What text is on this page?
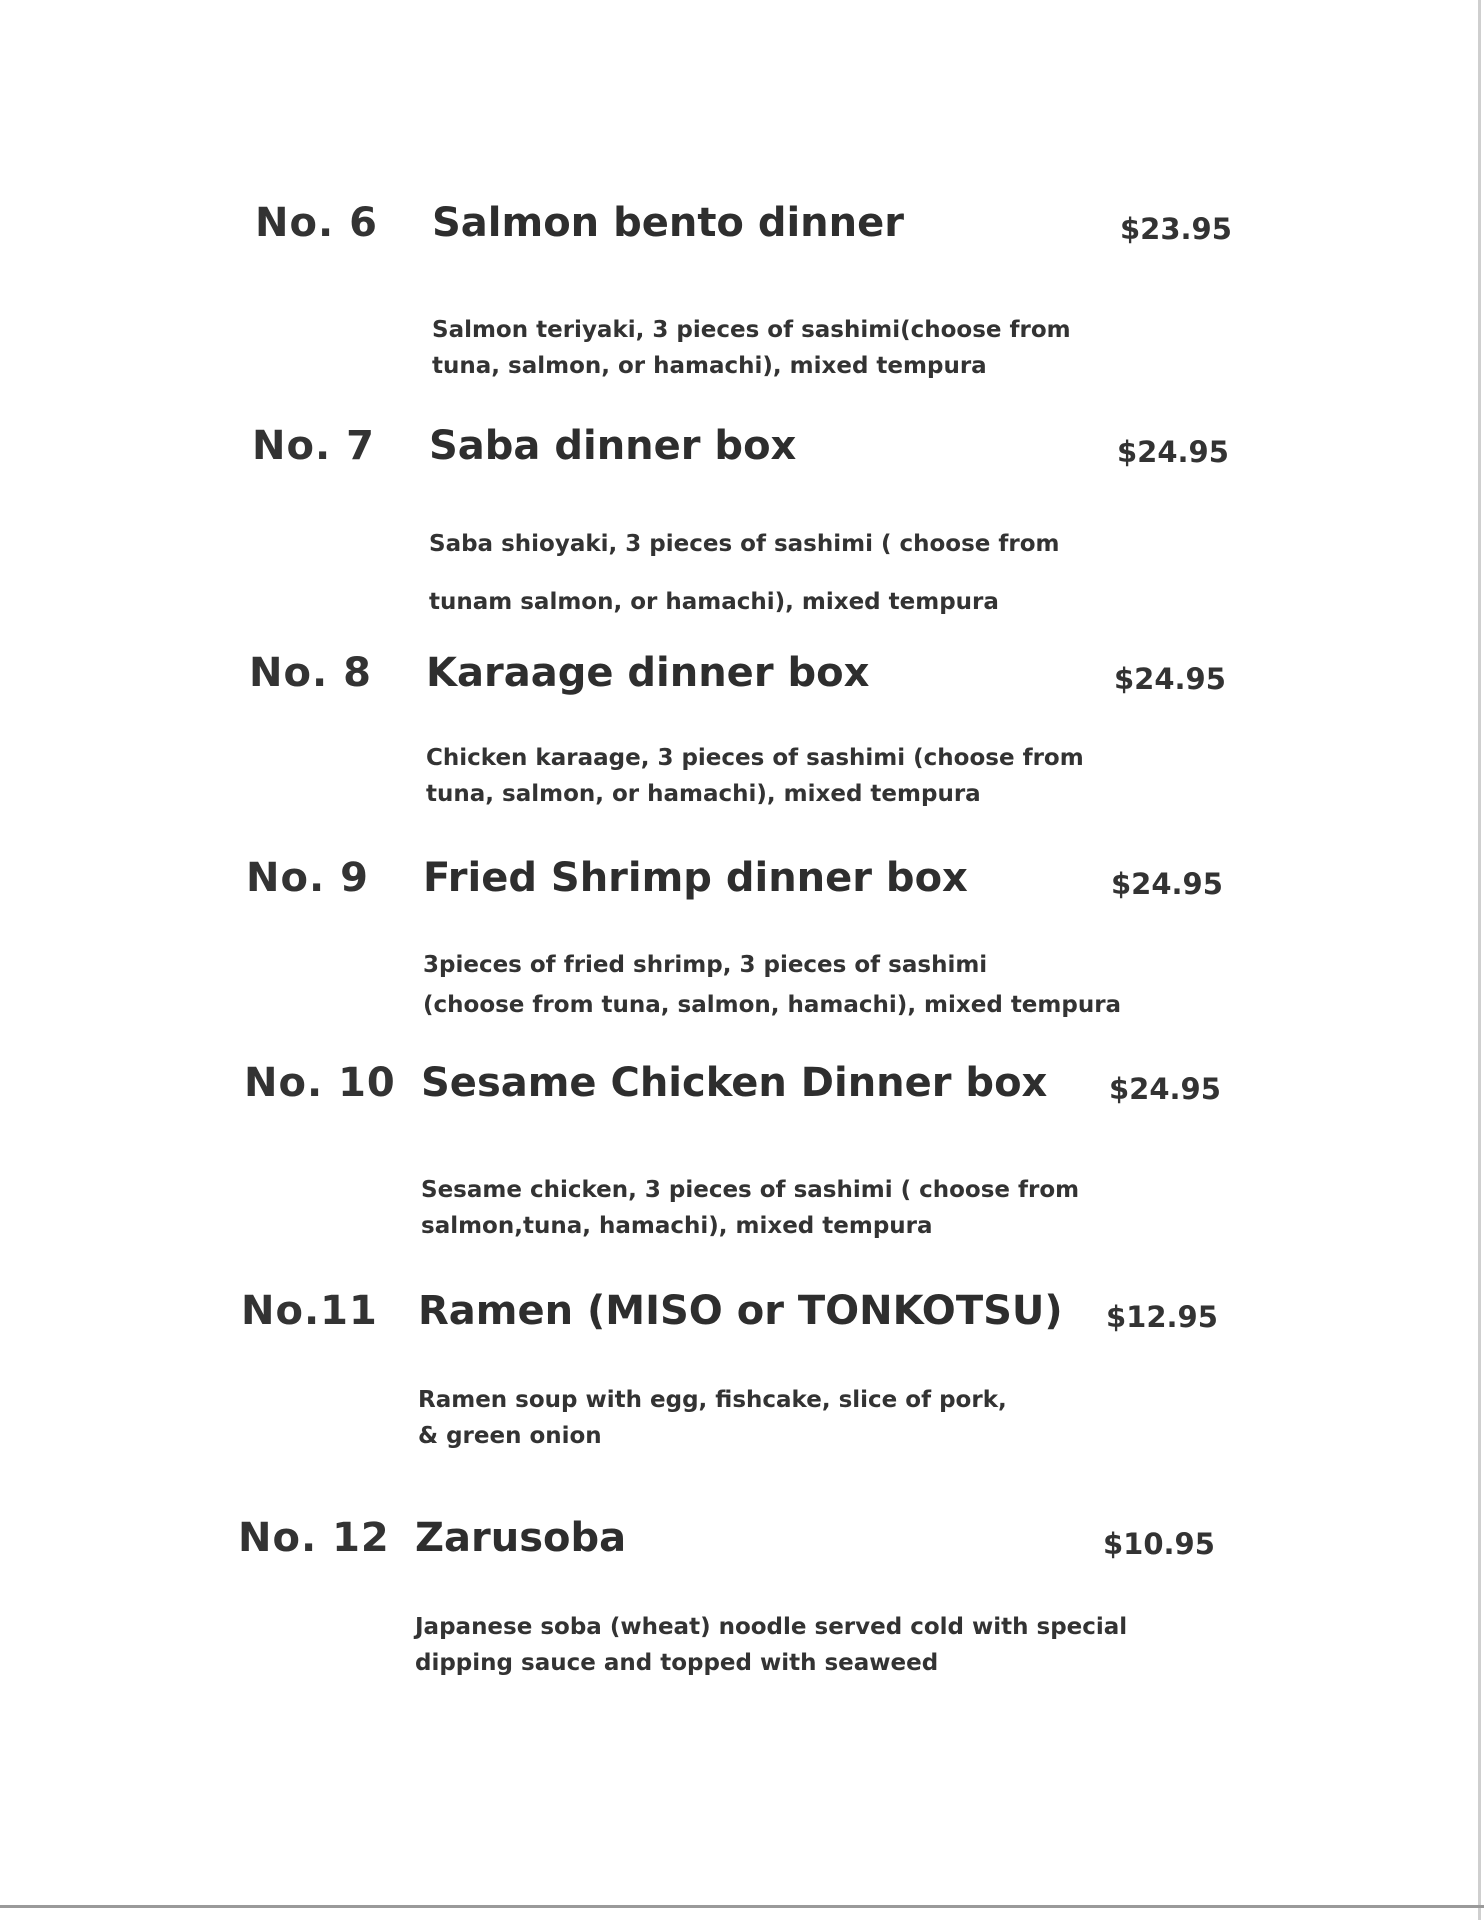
No. 6 Salmon bento dinner	$23.95
Salmon teriyaki, 3 pieces of sashimi(choose from
tuna, salmon, or hamachi), mixed tempura
No. 7 Saba dinner box	$24.95
Saba shioyaki, 3 pieces of sashimi ( choose from
tunam salmon, or hamachi), mixed tempura
No. 8 Karaage dinner box	$24.95
Chicken karaage, 3 pieces of sashimi (choose from
tuna, salmon, or hamachi), mixed tempura
No. 9 Fried Shrimp dinner box	$24.95
3pieces of fried shrimp, 3 pieces of sashimi
(choose from tuna, salmon, hamachi), mixed tempura
No. 10 Sesame Chicken Dinner box $24.95
Sesame chicken, 3 pieces of sashimi ( choose from
salmon,tuna, hamachi), mixed tempura
No.11 Ramen (MISO or TONKOTSU) $12.95
Ramen soup with egg, fishcake, slice of pork,
& green onion
No. 12 Zarusoba	$10.95
Japanese soba (wheat) noodle served cold with special
dipping sauce and topped with seaweed
